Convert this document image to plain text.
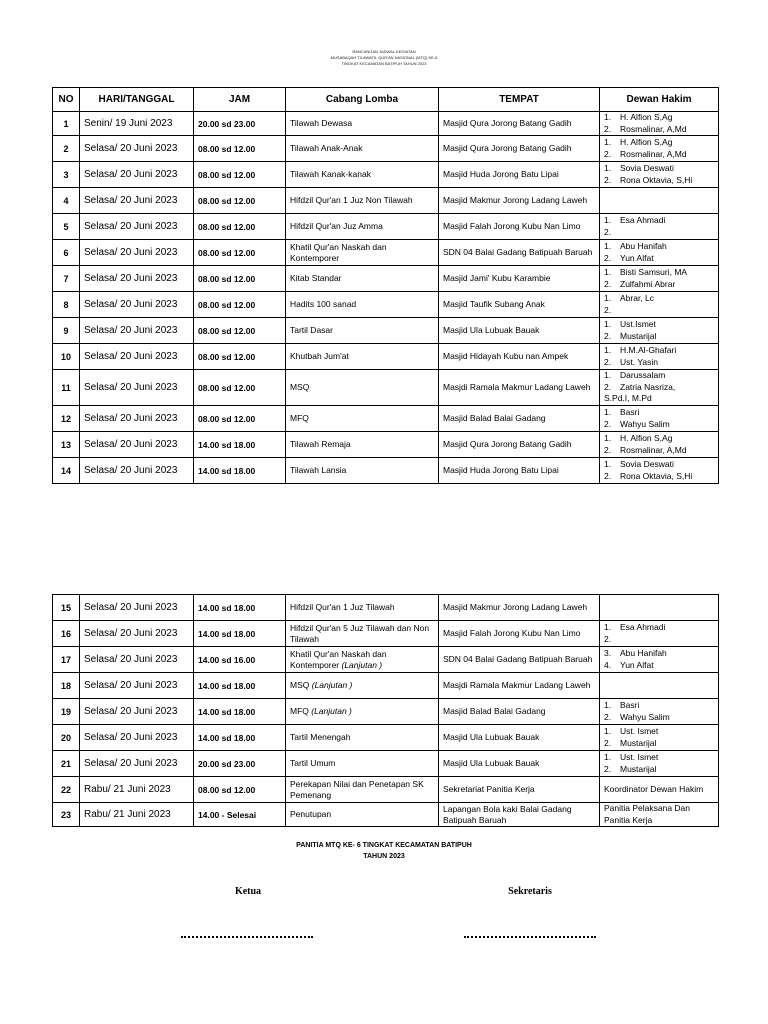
RANCANGAN JADWAL KEGIATAN
MUSABAQAH TILAWATIL QUR'AN NASIONAL (MTQ) KE-6
TINGKAT KECAMATAN BATIPUH TAHUN 2023
NO	HARI/TANGGAL	JAM	Cabang Lomba	TEMPAT	Dewan Hakim
1	Senin/ 19 Juni 2023	20.00 sd 23.00	Tilawah Dewasa	Masjid Qura Jorong Batang Gadih	1. H. Alfion S,Ag
2. Rosmalinar, A,Md

2	Selasa/ 20 Juni 2023	08.00 sd 12.00	Tilawah Anak-Anak	Masjid Qura Jorong Batang Gadih	1. H. Alfion S,Ag
2. Rosmalinar, A,Md

3	Selasa/ 20 Juni 2023	08.00 sd 12.00	Tilawah Kanak-kanak	Masjid Huda Jorong Batu Lipai	1. Sovia Deswati
2. Rona Oktavia, S,Hi

4	Selasa/ 20 Juni 2023	08.00 sd 12.00	Hifdzil Qur'an 1 Juz Non Tilawah	Masjid Makmur Jorong Ladang Laweh	
5	Selasa/ 20 Juni 2023	08.00 sd 12.00	Hifdzil Qur'an Juz Amma	Masjid Falah Jorong Kubu Nan Limo	1. Esa Ahmadi
2.

6	Selasa/ 20 Juni 2023	08.00 sd 12.00	Khatil Qur'an Naskah dan Kontemporer	SDN 04 Balai Gadang Batipuah Baruah	1. Abu Hanifah
2. Yun Alfat

7	Selasa/ 20 Juni 2023	08.00 sd 12.00	Kitab Standar	Masjid Jami' Kubu Karambie	1. Bisti Samsuri, MA
2. Zulfahmi Abrar

8	Selasa/ 20 Juni 2023	08.00 sd 12.00	Hadits 100 sanad	Masjid Taufik Subang Anak	1. Abrar, Lc
2.

9	Selasa/ 20 Juni 2023	08.00 sd 12.00	Tartil Dasar	Masjid Ula Lubuak Bauak	1. Ust.Ismet
2. Mustarijal

10	Selasa/ 20 Juni 2023	08.00 sd 12.00	Khutbah Jum'at	Masjid Hidayah Kubu nan Ampek	1. H.M.Al-Ghafari
2. Ust. Yasin

11	Selasa/ 20 Juni 2023	08.00 sd 12.00	MSQ	Masjdi Ramala Makmur Ladang Laweh	1. Darussalam
2. Zatria Nasriza,
S.Pd.I, M.Pd

12	Selasa/ 20 Juni 2023	08.00 sd 12.00	MFQ	Masjid Balad Balai Gadang	1. Basri
2. Wahyu Salim

13	Selasa/ 20 Juni 2023	14.00 sd 18.00	Tilawah Remaja	Masjid Qura Jorong Batang Gadih	1. H. Alfion S,Ag
2. Rosmalinar, A,Md

14	Selasa/ 20 Juni 2023	14.00 sd 18.00	Tilawah Lansia	Masjid Huda Jorong Batu Lipai	1. Sovia Deswati
2. Rona Oktavia, S,Hi
15	Selasa/ 20 Juni 2023	14.00 sd 18.00	Hifdzil Qur'an 1 Juz Tilawah	Masjid Makmur Jorong Ladang Laweh	
16	Selasa/ 20 Juni 2023	14.00 sd 18.00	Hifdzil Qur'an 5 Juz Tilawah dan Non Tilawah	Masjid Falah Jorong Kubu Nan Limo	1. Esa Ahmadi
2.

17	Selasa/ 20 Juni 2023	14.00 sd 16.00	Khatil Qur'an Naskah dan Kontemporer (Lanjutan )	SDN 04 Balai Gadang Batipuah Baruah	3. Abu Hanifah
4. Yun Alfat

18	Selasa/ 20 Juni 2023	14.00 sd 18.00	MSQ (Lanjutan )	Masjdi Ramala Makmur Ladang Laweh	
19	Selasa/ 20 Juni 2023	14.00 sd 18.00	MFQ (Lanjutan )	Masjid Balad Balai Gadang	1. Basri
2. Wahyu Salim

20	Selasa/ 20 Juni 2023	14.00 sd 18.00	Tartil Menengah	Masjid Ula Lubuak Bauak	1. Ust. Ismet
2. Mustarijal

21	Selasa/ 20 Juni 2023	20.00 sd 23.00	Tartil Umum	Masjid Ula Lubuak Bauak	1. Ust. Ismet
2. Mustarijal

22	Rabu/ 21 Juni 2023	08.00 sd 12.00	Perekapan Nilai dan Penetapan SK Pemenang	Sekretariat Panitia Kerja	Koordinator Dewan Hakim

23	Rabu/ 21 Juni 2023	14.00 - Selesai	Penutupan	Lapangan Bola kaki Balai Gadang Batipuah Baruah	Panitia Pelaksana Dan Panitia Kerja
PANITIA MTQ KE- 6 TINGKAT KECAMATAN BATIPUH
TAHUN 2023
Ketua	Sekretaris
